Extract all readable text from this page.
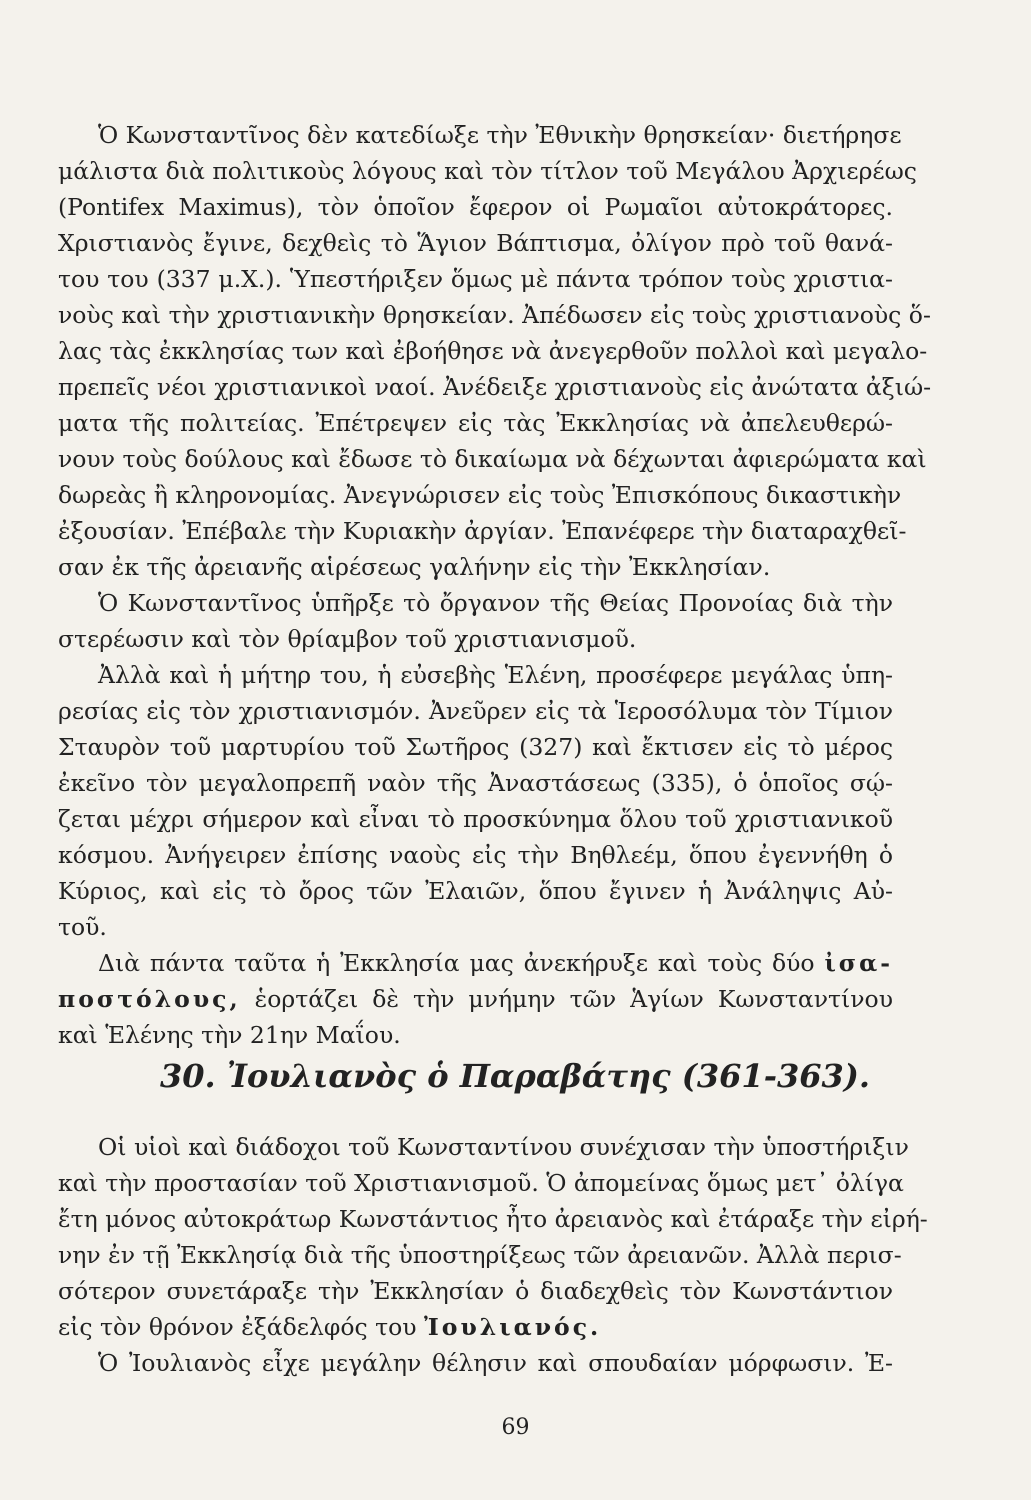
Ὁ Κωνσταντῖνος δὲν κατεδίωξε τὴν Ἐθνικὴν θρησκείαν· διετήρησε
μάλιστα διὰ πολιτικοὺς λόγους καὶ τὸν τίτλον τοῦ Μεγάλου Ἀρχιερέως
(Pontifex Maximus), τὸν ὁποῖον ἔφερον οἱ Ρωμαῖοι αὐτοκράτορες.
Χριστιανὸς ἔγινε, δεχθεὶς τὸ Ἅγιον Βάπτισμα, ὀλίγον πρὸ τοῦ θανά-
του του (337 μ.Χ.). Ὑπεστήριξεν ὅμως μὲ πάντα τρόπον τοὺς χριστια-
νοὺς καὶ τὴν χριστιανικὴν θρησκείαν. Ἀπέδωσεν εἰς τοὺς χριστιανοὺς ὅ-
λας τὰς ἐκκλησίας των καὶ ἐβοήθησε νὰ ἀνεγερθοῦν πολλοὶ καὶ μεγαλο-
πρεπεῖς νέοι χριστιανικοὶ ναοί. Ἀνέδειξε χριστιανοὺς εἰς ἀνώτατα ἀξιώ-
ματα τῆς πολιτείας. Ἐπέτρεψεν εἰς τὰς Ἐκκλησίας νὰ ἀπελευθερώ-
νουν τοὺς δούλους καὶ ἔδωσε τὸ δικαίωμα νὰ δέχωνται ἀφιερώματα καὶ
δωρεὰς ἢ κληρονομίας. Ἀνεγνώρισεν εἰς τοὺς Ἐπισκόπους δικαστικὴν
ἐξουσίαν. Ἐπέβαλε τὴν Κυριακὴν ἀργίαν. Ἐπανέφερε τὴν διαταραχθεῖ-
σαν ἐκ τῆς ἀρειανῆς αἱρέσεως γαλήνην εἰς τὴν Ἐκκλησίαν.
Ὁ Κωνσταντῖνος ὑπῆρξε τὸ ὄργανον τῆς Θείας Προνοίας διὰ τὴν
στερέωσιν καὶ τὸν θρίαμβον τοῦ χριστιανισμοῦ.
Ἀλλὰ καὶ ἡ μήτηρ του, ἡ εὐσεβὴς Ἑλένη, προσέφερε μεγάλας ὑπη-
ρεσίας εἰς τὸν χριστιανισμόν. Ἀνεῦρεν εἰς τὰ Ἱεροσόλυμα τὸν Τίμιον
Σταυρὸν τοῦ μαρτυρίου τοῦ Σωτῆρος (327) καὶ ἔκτισεν εἰς τὸ μέρος
ἐκεῖνο τὸν μεγαλοπρεπῆ ναὸν τῆς Ἀναστάσεως (335), ὁ ὁποῖος σῴ-
ζεται μέχρι σήμερον καὶ εἶναι τὸ προσκύνημα ὅλου τοῦ χριστιανικοῦ
κόσμου. Ἀνήγειρεν ἐπίσης ναοὺς εἰς τὴν Βηθλεέμ, ὅπου ἐγεννήθη ὁ
Κύριος, καὶ εἰς τὸ ὄρος τῶν Ἐλαιῶν, ὅπου ἔγινεν ἡ Ἀνάληψις Αὐ-
τοῦ.
Διὰ πάντα ταῦτα ἡ Ἐκκλησία μας ἀνεκήρυξε καὶ τοὺς δύο ἰσα-
ποστόλους, ἑορτάζει δὲ τὴν μνήμην τῶν Ἁγίων Κωνσταντίνου
καὶ Ἑλένης τὴν 21ην Μαΐου.
30. Ἰουλιανὸς ὁ Παραβάτης (361-363).
Οἱ υἱοὶ καὶ διάδοχοι τοῦ Κωνσταντίνου συνέχισαν τὴν ὑποστήριξιν
καὶ τὴν προστασίαν τοῦ Χριστιανισμοῦ. Ὁ ἀπομείνας ὅμως μετ᾽ ὀλίγα
ἔτη μόνος αὐτοκράτωρ Κωνστάντιος ἦτο ἀρειανὸς καὶ ἐτάραξε τὴν εἰρή-
νην ἐν τῇ Ἐκκλησίᾳ διὰ τῆς ὑποστηρίξεως τῶν ἀρειανῶν. Ἀλλὰ περισ-
σότερον συνετάραξε τὴν Ἐκκλησίαν ὁ διαδεχθεὶς τὸν Κωνστάντιον
εἰς τὸν θρόνον ἐξάδελφός του Ἰουλιανός.
Ὁ Ἰουλιανὸς εἶχε μεγάλην θέλησιν καὶ σπουδαίαν μόρφωσιν. Ἐ-
69
